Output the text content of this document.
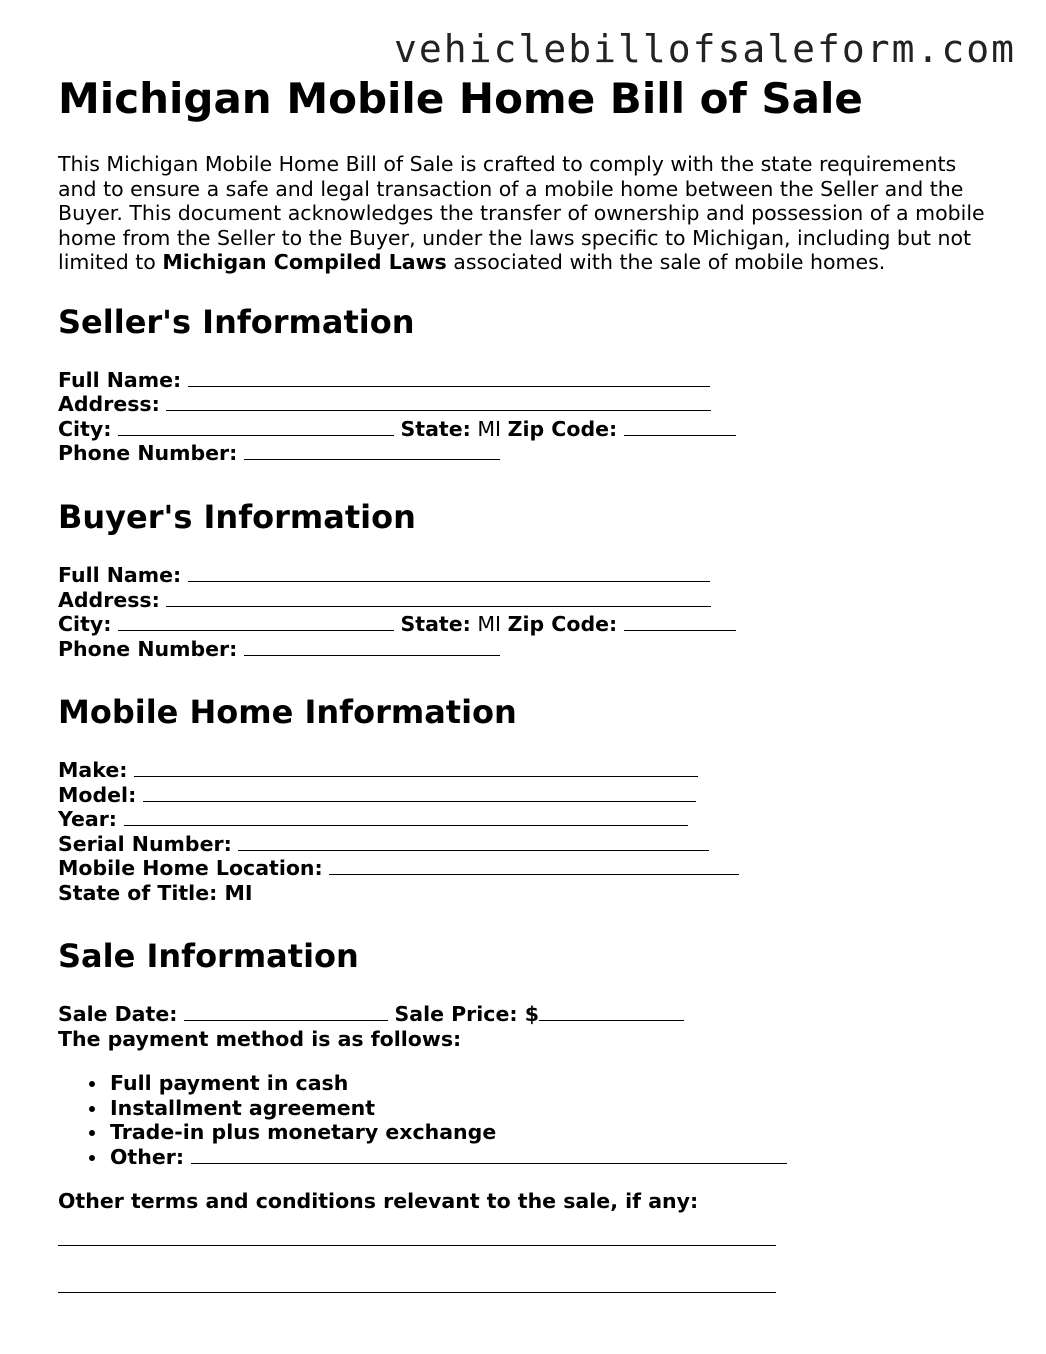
vehiclebillofsaleform.com
Michigan Mobile Home Bill of Sale

This Michigan Mobile Home Bill of Sale is crafted to comply with the state requirements and to ensure a safe and legal transaction of a mobile home between the Seller and the Buyer. This document acknowledges the transfer of ownership and possession of a mobile home from the Seller to the Buyer, under the laws specific to Michigan, including but not limited to Michigan Compiled Laws associated with the sale of mobile homes.

Seller's Information
Full Name:
Address:
City:	State: MI Zip Code:
Phone Number:
Buyer's Information
Full Name:
Address:
City:	State: MI Zip Code:
Phone Number:
Mobile Home Information
Make:
Model:
Year:
Serial Number:
Mobile Home Location:
State of Title: MI
Sale Information
Sale Date:	Sale Price: $
The payment method is as follows:
• Full payment in cash
• Installment agreement
• Trade-in plus monetary exchange
• Other:
Other terms and conditions relevant to the sale, if any:
